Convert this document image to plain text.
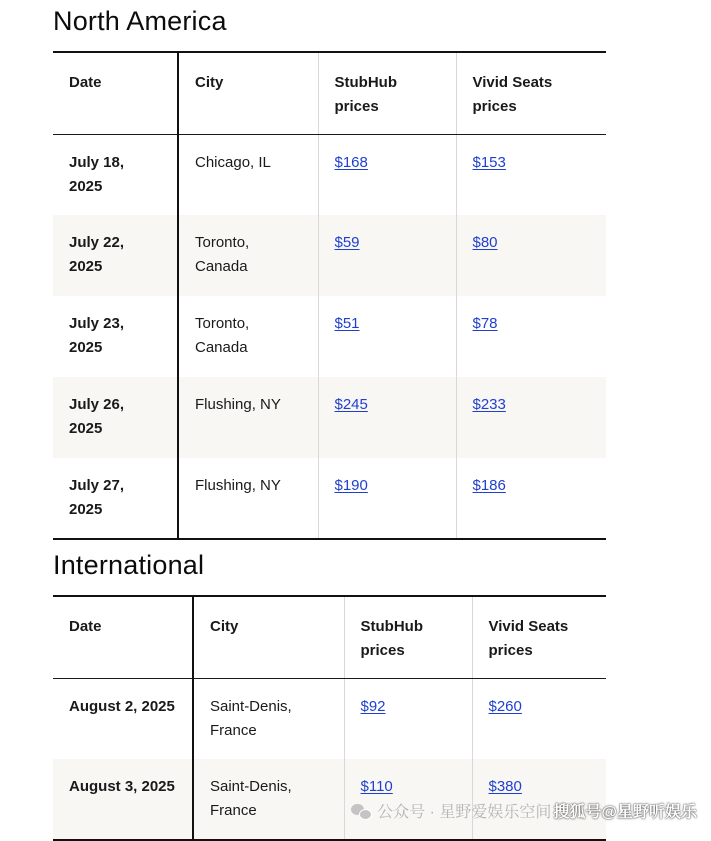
North America
Date	City	StubHub prices	Vivid Seats prices
July 18, 2025	Chicago, IL	$168	$153
July 22, 2025	Toronto, Canada	$59	$80
July 23, 2025	Toronto, Canada	$51	$78
July 26, 2025	Flushing, NY	$245	$233
July 27, 2025	Flushing, NY	$190	$186
International
Date	City	StubHub prices	Vivid Seats prices
August 2, 2025	Saint-Denis, France	$92	$260
August 3, 2025	Saint-Denis, France	$110	$380
公众号 · 星野爱娱乐空间 搜狐号@星野听娱乐
